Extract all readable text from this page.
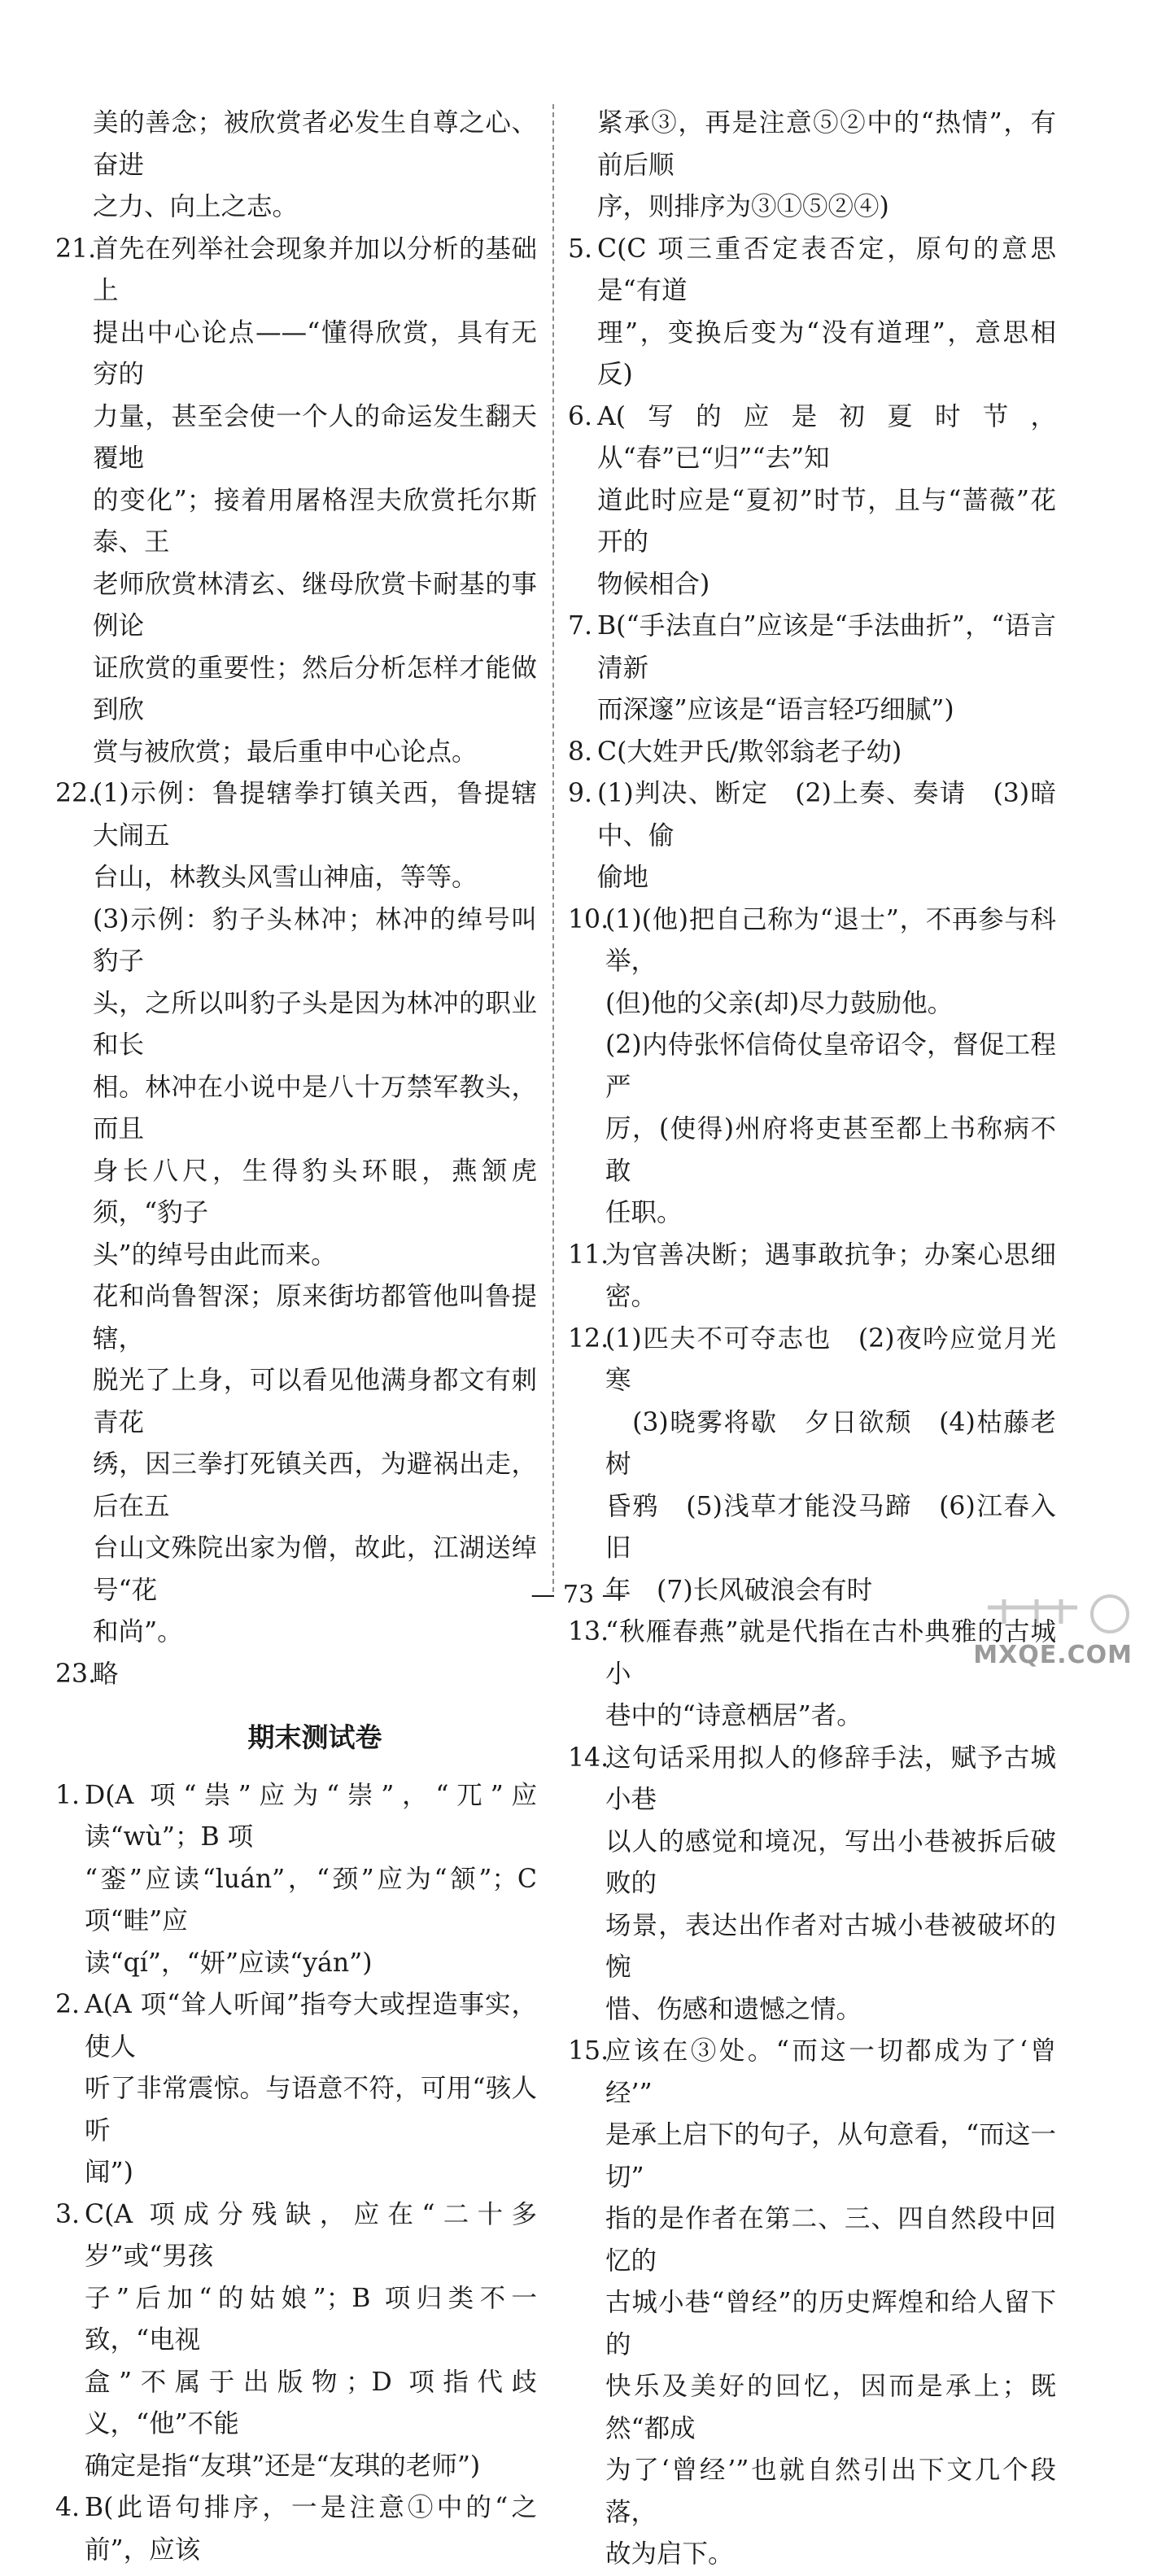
美的善念；被欣赏者必发生自尊之心、奋进
之力、向上之志。
21.
首先在列举社会现象并加以分析的基础上
提出中心论点——“懂得欣赏，具有无穷的
力量，甚至会使一个人的命运发生翻天覆地
的变化”；接着用屠格涅夫欣赏托尔斯泰、王
老师欣赏林清玄、继母欣赏卡耐基的事例论
证欣赏的重要性；然后分析怎样才能做到欣
赏与被欣赏；最后重申中心论点。
22.
(1)示例：鲁提辖拳打镇关西，鲁提辖大闹五
台山，林教头风雪山神庙，等等。
(3)示例：豹子头林冲；林冲的绰号叫豹子
头，之所以叫豹子头是因为林冲的职业和长
相。林冲在小说中是八十万禁军教头，而且
身长八尺，生得豹头环眼，燕颔虎须，“豹子
头”的绰号由此而来。
花和尚鲁智深；原来街坊都管他叫鲁提辖，
脱光了上身，可以看见他满身都文有刺青花
绣，因三拳打死镇关西，为避祸出走，后在五
台山文殊院出家为僧，故此，江湖送绰号“花
和尚”。
23.
略
期末测试卷
1. D(A 项“祟”应为“崇”，“兀”应读“wù”；B 项
“銮”应读“luán”，“颈”应为“颔”；C 项“畦”应
读“qí”，“妍”应读“yán”)
2. A(A 项“耸人听闻”指夸大或捏造事实，使人
听了非常震惊。与语意不符，可用“骇人听
闻”)
3. C(A 项成分残缺，应在“二十多岁”或“男孩
子”后加“的姑娘”；B 项归类不一致，“电视
盒”不属于出版物；D 项指代歧义，“他”不能
确定是指“友琪”还是“友琪的老师”)
4. B(此语句排序，一是注意①中的“之前”，应该
紧承③，再是注意⑤②中的“热情”，有前后顺
序，则排序为③①⑤②④)
5. C(C 项三重否定表否定，原句的意思是“有道
理”，变换后变为“没有道理”，意思相反)
6. A(写的应是初夏时节，从“春”已“归”“去”知
道此时应是“夏初”时节，且与“蔷薇”花开的
物候相合)
7. B(“手法直白”应该是“手法曲折”，“语言清新
而深邃”应该是“语言轻巧细腻”)
8. C(大姓尹氏/欺邻翁老子幼)
9. (1)判决、断定　(2)上奏、奏请　(3)暗中、偷
偷地
10.
(1)(他)把自己称为“退士”，不再参与科举，
(但)他的父亲(却)尽力鼓励他。
(2)内侍张怀信倚仗皇帝诏令，督促工程严
厉，(使得)州府将吏甚至都上书称病不敢
任职。
11.
为官善决断；遇事敢抗争；办案心思细密。
12.
(1)匹夫不可夺志也　(2)夜吟应觉月光寒
　(3)晓雾将歇　夕日欲颓　(4)枯藤老树
昏鸦　(5)浅草才能没马蹄　(6)江春入旧
年　(7)长风破浪会有时
13.
“秋雁春燕”就是代指在古朴典雅的古城小
巷中的“诗意栖居”者。
14.
这句话采用拟人的修辞手法，赋予古城小巷
以人的感觉和境况，写出小巷被拆后破败的
场景，表达出作者对古城小巷被破坏的惋
惜、伤感和遗憾之情。
15.
应该在③处。“而这一切都成为了‘曾经’”
是承上启下的句子，从句意看，“而这一切”
指的是作者在第二、三、四自然段中回忆的
古城小巷“曾经”的历史辉煌和给人留下的
快乐及美好的回忆，因而是承上；既然“都成
为了‘曾经’”也就自然引出下文几个段落，
故为启下。
— 73 —
MXQE.COM
